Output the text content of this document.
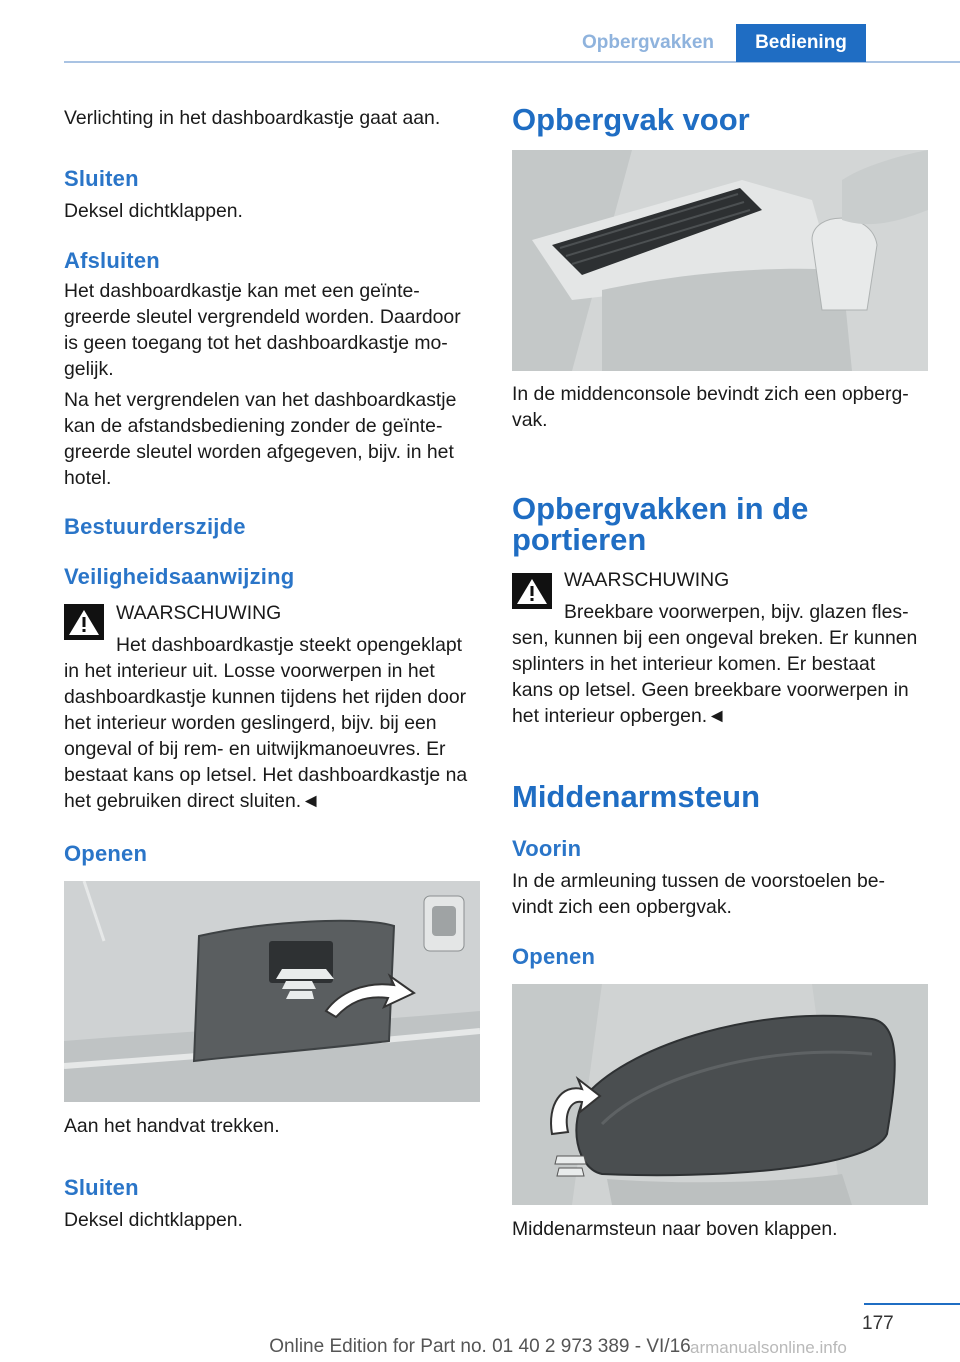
Opbergvakken	Bediening

Verlichting in het dashboardkastje gaat aan.

Sluiten

Deksel dichtklappen.

Afsluiten

Het dashboardkastje kan met een geïnte-

greerde sleutel vergrendeld worden. Daardoor

is geen toegang tot het dashboardkastje mo-

gelijk.

Na het vergrendelen van het dashboardkastje

kan de afstandsbediening zonder de geïnte-

greerde sleutel worden afgegeven, bijv. in het

hotel.

Bestuurderszijde
Veiligheidsaanwijzing
WAARSCHUWING

Het dashboardkastje steekt opengeklapt

in het interieur uit. Losse voorwerpen in het

dashboardkastje kunnen tijdens het rijden door

het interieur worden geslingerd, bijv. bij een

ongeval of bij rem- en uitwijkmanoeuvres. Er

bestaat kans op letsel. Het dashboardkastje na

het gebruiken direct sluiten.◄

Openen

Aan het handvat trekken.

Sluiten

Deksel dichtklappen.

Opbergvak voor

In de middenconsole bevindt zich een opberg-

vak.

Opbergvakken in de
portieren
WAARSCHUWING

Breekbare voorwerpen, bijv. glazen fles-

sen, kunnen bij een ongeval breken. Er kunnen

splinters in het interieur komen. Er bestaat

kans op letsel. Geen breekbare voorwerpen in

het interieur opbergen.◄

Middenarmsteun
Voorin

In de armleuning tussen de voorstoelen be-

vindt zich een opbergvak.

Openen

Middenarmsteun naar boven klappen.

177
Online Edition for Part no. 01 40 2 973 389 - VI/16 armanualsonline.info
